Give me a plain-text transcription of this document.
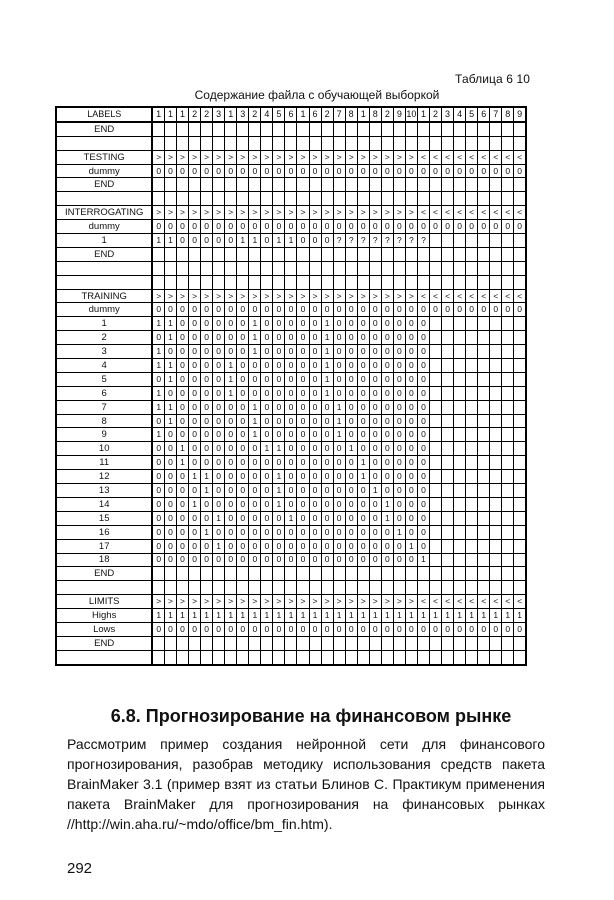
Таблица 6 10
Содержание файла с обучающей выборкой
LABELS	1	1	1	2	2	3	1	3	2	4	5	6	1	6	2	7	8	1	8	2	9	10	1	2	3	4	5	6	7	8	9
END																															

TESTING	>	>	>	>	>	>	>	>	>	>	>	>	>	>	>	>	>	>	>	>	>	>	<	<	<	<	<	<	<	<	<
dummy	0	0	0	0	0	0	0	0	0	0	0	0	0	0	0	0	0	0	0	0	0	0	0	0	0	0	0	0	0	0	0
END																															

INTERROGATING	>	>	>	>	>	>	>	>	>	>	>	>	>	>	>	>	>	>	>	>	>	>	<	<	<	<	<	<	<	<	<
dummy	0	0	0	0	0	0	0	0	0	0	0	0	0	0	0	0	0	0	0	0	0	0	0	0	0	0	0	0	0	0	0
1	1	1	0	0	0	0	0	1	1	0	1	1	0	0	0	?	?	?	?	?	?	?	?								
END																															

TRAINING	>	>	>	>	>	>	>	>	>	>	>	>	>	>	>	>	>	>	>	>	>	>	<	<	<	<	<	<	<	<	<
dummy	0	0	0	0	0	0	0	0	0	0	0	0	0	0	0	0	0	0	0	0	0	0	0	0	0	0	0	0	0	0	0
1	1	1	0	0	0	0	0	0	1	0	0	0	0	0	1	0	0	0	0	0	0	0	0								
2	0	1	0	0	0	0	0	0	1	0	0	0	0	0	1	0	0	0	0	0	0	0	0								
3	1	0	0	0	0	0	0	0	1	0	0	0	0	0	1	0	0	0	0	0	0	0	0								
4	1	1	0	0	0	0	1	0	0	0	0	0	0	0	1	0	0	0	0	0	0	0	0								
5	0	1	0	0	0	0	1	0	0	0	0	0	0	0	1	0	0	0	0	0	0	0	0								
6	1	0	0	0	0	0	1	0	0	0	0	0	0	0	1	0	0	0	0	0	0	0	0								
7	1	1	0	0	0	0	0	0	1	0	0	0	0	0	0	1	0	0	0	0	0	0	0								
8	0	1	0	0	0	0	0	0	1	0	0	0	0	0	0	1	0	0	0	0	0	0	0								
9	1	0	0	0	0	0	0	0	1	0	0	0	0	0	0	1	0	0	0	0	0	0	0								
10	0	0	1	0	0	0	0	0	0	1	1	0	0	0	0	0	1	0	0	0	0	0	0								
11	0	0	1	0	0	0	0	0	0	0	0	0	0	0	0	0	0	1	0	0	0	0	0								
12	0	0	0	1	1	0	0	0	0	0	1	0	0	0	0	0	0	1	0	0	0	0	0								
13	0	0	0	0	1	0	0	0	0	0	1	0	0	0	0	0	0	0	1	0	0	0	0								
14	0	0	0	1	0	0	0	0	0	0	1	0	0	0	0	0	0	0	0	1	0	0	0								
15	0	0	0	0	0	1	0	0	0	0	0	1	0	0	0	0	0	0	0	1	0	0	0								
16	0	0	0	0	1	0	0	0	0	0	0	0	0	0	0	0	0	0	0	0	1	0	0								
17	0	0	0	0	0	1	0	0	0	0	0	0	0	0	0	0	0	0	0	0	0	1	0								
18	0	0	0	0	0	0	0	0	0	0	0	0	0	0	0	0	0	0	0	0	0	0	1								
END																															

LIMITS	>	>	>	>	>	>	>	>	>	>	>	>	>	>	>	>	>	>	>	>	>	>	<	<	<	<	<	<	<	<	<
Highs	1	1	1	1	1	1	1	1	1	1	1	1	1	1	1	1	1	1	1	1	1	1	1	1	1	1	1	1	1	1	1
Lows	0	0	0	0	0	0	0	0	0	0	0	0	0	0	0	0	0	0	0	0	0	0	0	0	0	0	0	0	0	0	0
END																															

6.8. Прогнозирование на финансовом рынке

Рассмотрим пример создания нейронной сети для финансового прогнозирования, разобрав методику использования средств пакета BrainMaker 3.1 (пример взят из статьи Блинов С. Практикум применения пакета BrainMaker для прогнозирования на финансовых рынках //http://win.aha.ru/~mdo/office/bm_fin.htm).

292
